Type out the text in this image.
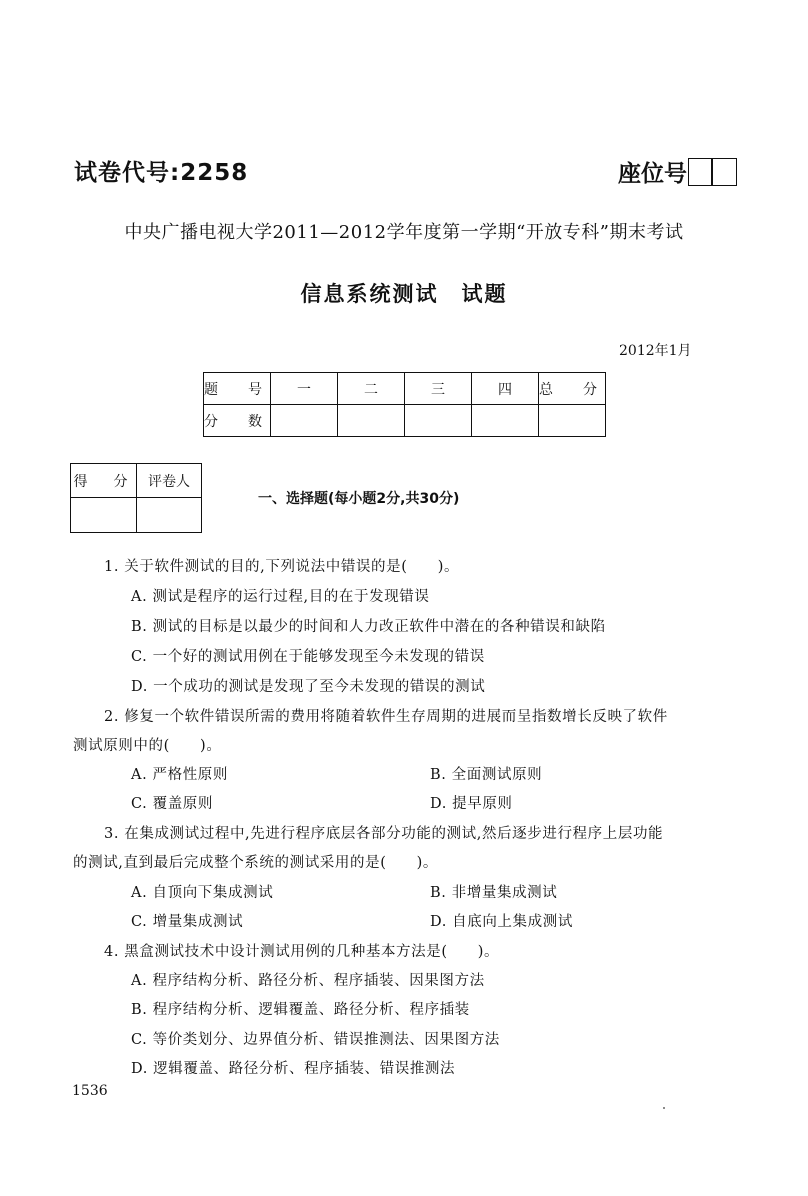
试卷代号:2258	座位号
中央广播电视大学2011—2012学年度第一学期“开放专科”期末考试
信息系统测试　试题
2012年1月
题　号	一	二	三	四	总　分
分　数					
得　分	评卷人

一、选择题(每小题2分,共30分)
1. 关于软件测试的目的,下列说法中错误的是(　　)。
A. 测试是程序的运行过程,目的在于发现错误
B. 测试的目标是以最少的时间和人力改正软件中潜在的各种错误和缺陷
C. 一个好的测试用例在于能够发现至今未发现的错误
D. 一个成功的测试是发现了至今未发现的错误的测试
2. 修复一个软件错误所需的费用将随着软件生存周期的进展而呈指数增长反映了软件
测试原则中的(　　)。
A. 严格性原则	B. 全面测试原则
C. 覆盖原则	D. 提早原则
3. 在集成测试过程中,先进行程序底层各部分功能的测试,然后逐步进行程序上层功能
的测试,直到最后完成整个系统的测试采用的是(　　)。
A. 自顶向下集成测试	B. 非增量集成测试
C. 增量集成测试	D. 自底向上集成测试
4. 黑盒测试技术中设计测试用例的几种基本方法是(　　)。
A. 程序结构分析、路径分析、程序插装、因果图方法
B. 程序结构分析、逻辑覆盖、路径分析、程序插装
C. 等价类划分、边界值分析、错误推测法、因果图方法
D. 逻辑覆盖、路径分析、程序插装、错误推测法
1536
